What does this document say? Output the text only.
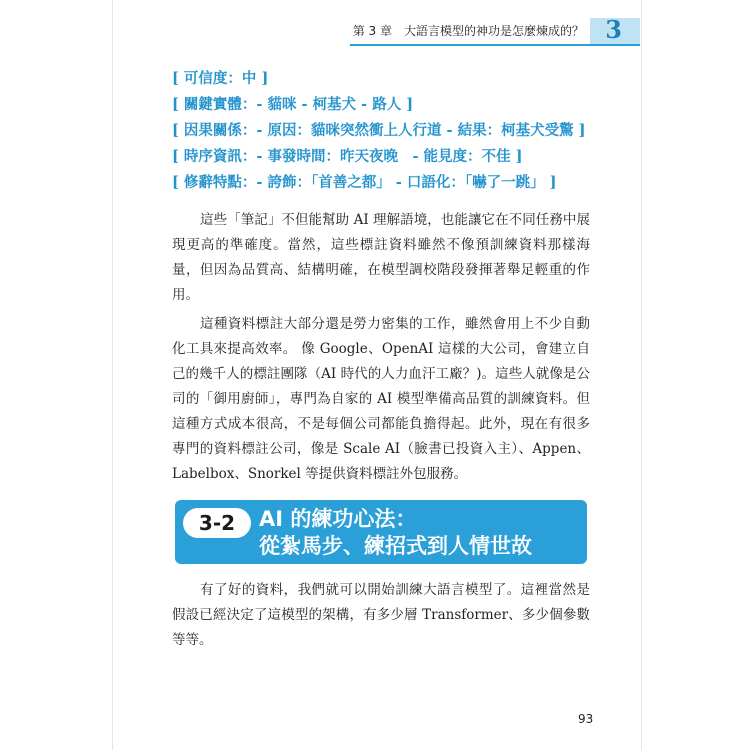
第 3 章　大語言模型的神功是怎麼煉成的？ 3
[ 可信度：中 ]
[ 關鍵實體：- 貓咪 - 柯基犬 - 路人 ]
[ 因果關係：- 原因：貓咪突然衝上人行道 - 結果：柯基犬受驚 ]
[ 時序資訊：- 事發時間：昨天夜晚　- 能見度：不佳 ]
[ 修辭特點：- 誇飾：「首善之都」 - 口語化：「嚇了一跳」 ]

這些「筆記」不但能幫助 AI 理解語境，也能讓它在不同任務中展現更高的準確度。當然，這些標註資料雖然不像預訓練資料那樣海量，但因為品質高、結構明確，在模型調校階段發揮著舉足輕重的作用。

這種資料標註大部分還是勞力密集的工作，雖然會用上不少自動化工具來提高效率。 像 Google、OpenAI 這樣的大公司，會建立自己的幾千人的標註團隊（AI 時代的人力血汗工廠？)。這些人就像是公司的「御用廚師」，專門為自家的 AI 模型準備高品質的訓練資料。但這種方式成本很高，不是每個公司都能負擔得起。此外，現在有很多專門的資料標註公司，像是 Scale AI（臉書已投資入主）、Appen、Labelbox、Snorkel 等提供資料標註外包服務。

3-2	AI 的練功心法：
從紮馬步、練招式到人情世故

有了好的資料，我們就可以開始訓練大語言模型了。這裡當然是假設已經決定了這模型的架構，有多少層 Transformer、多少個參數等等。

93
